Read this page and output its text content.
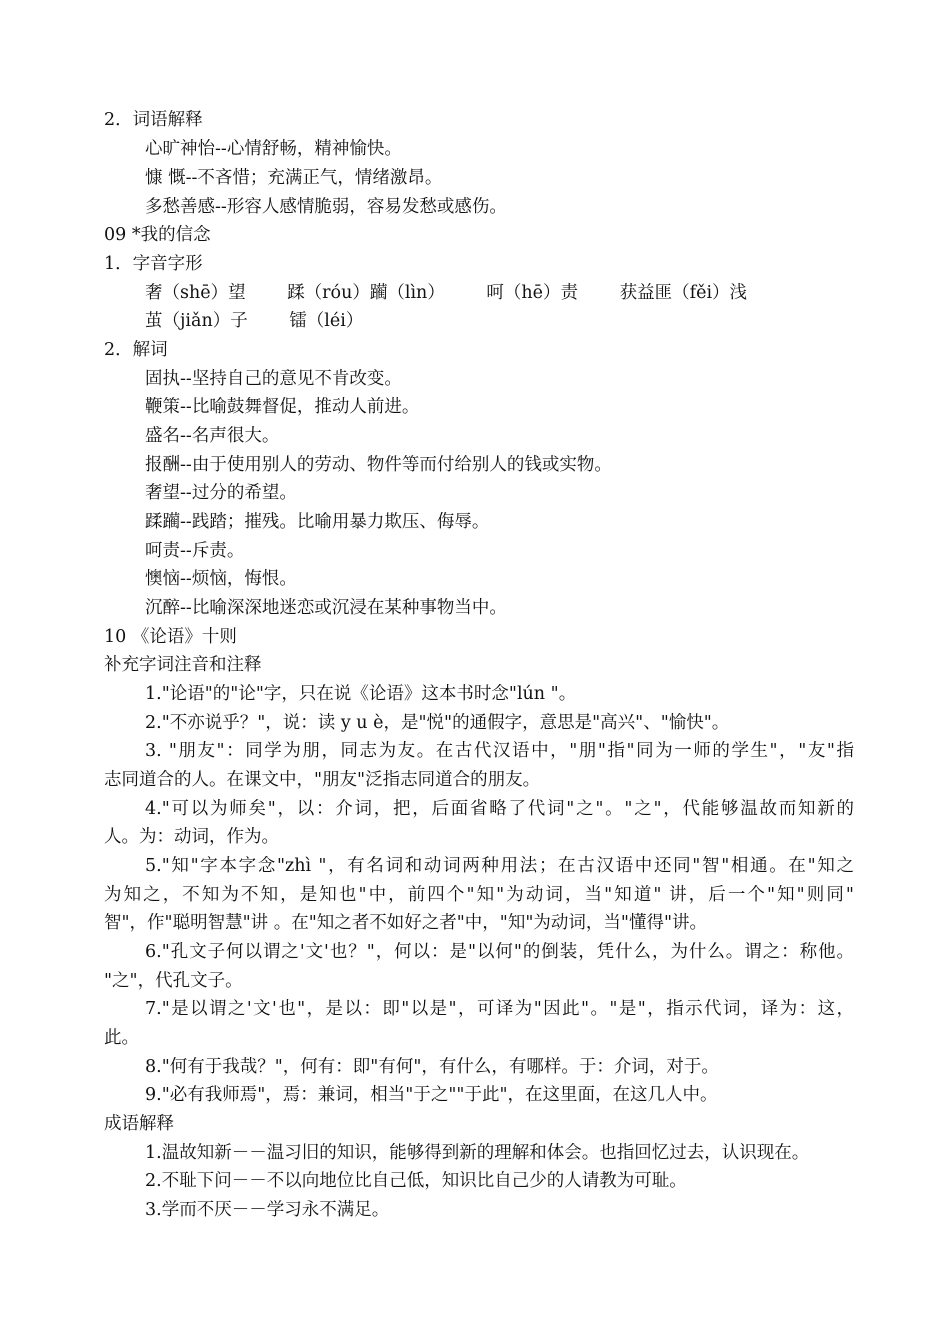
2．词语解释
心旷神怡--心情舒畅，精神愉快。
慷 慨--不吝惜；充满正气，情绪激昂。
多愁善感--形容人感情脆弱，容易发愁或感伤。
09 *我的信念
1．字音字形
奢（shē）望 蹂（róu）躏（lìn） 呵（hē）责 获益匪（fěi）浅
茧（jiǎn）子 镭（léi）
2．解词
固执--坚持自己的意见不肯改变。
鞭策--比喻鼓舞督促，推动人前进。
盛名--名声很大。
报酬--由于使用别人的劳动、物件等而付给别人的钱或实物。
奢望--过分的希望。
蹂躏--践踏；摧残。比喻用暴力欺压、侮辱。
呵责--斥责。
懊恼--烦恼，悔恨。
沉醉--比喻深深地迷恋或沉浸在某种事物当中。
10 《论语》十则
补充字词注音和注释
1."论语"的"论"字，只在说《论语》这本书时念"lún "。
2."不亦说乎？"，说：读 y u è，是"悦"的通假字，意思是"高兴"、"愉快"。
3. "朋友"：同学为朋，同志为友。在古代汉语中，"朋"指"同为一师的学生"，"友"指
志同道合的人。在课文中，"朋友"泛指志同道合的朋友。
4."可以为师矣"，以：介词，把，后面省略了代词"之"。"之"，代能够温故而知新的
人。为：动词，作为。
5."知"字本字念"zhì "，有名词和动词两种用法；在古汉语中还同"智"相通。在"知之
为知之，不知为不知，是知也"中，前四个"知"为动词，当"知道" 讲，后一个"知"则同"
智"，作"聪明智慧"讲 。在"知之者不如好之者"中，"知"为动词，当"懂得"讲。
6."孔文子何以谓之'文'也？"，何以：是"以何"的倒装，凭什么，为什么。谓之：称他。
"之"，代孔文子。
7."是以谓之'文'也"，是以：即"以是"，可译为"因此"。"是"，指示代词，译为：这，
此。
8."何有于我哉？"，何有：即"有何"，有什么，有哪样。于：介词，对于。
9."必有我师焉"，焉：兼词，相当"于之""于此"，在这里面，在这几人中。
成语解释
1.温故知新－－温习旧的知识，能够得到新的理解和体会。也指回忆过去，认识现在。
2.不耻下问－－不以向地位比自己低，知识比自己少的人请教为可耻。
3.学而不厌－－学习永不满足。
